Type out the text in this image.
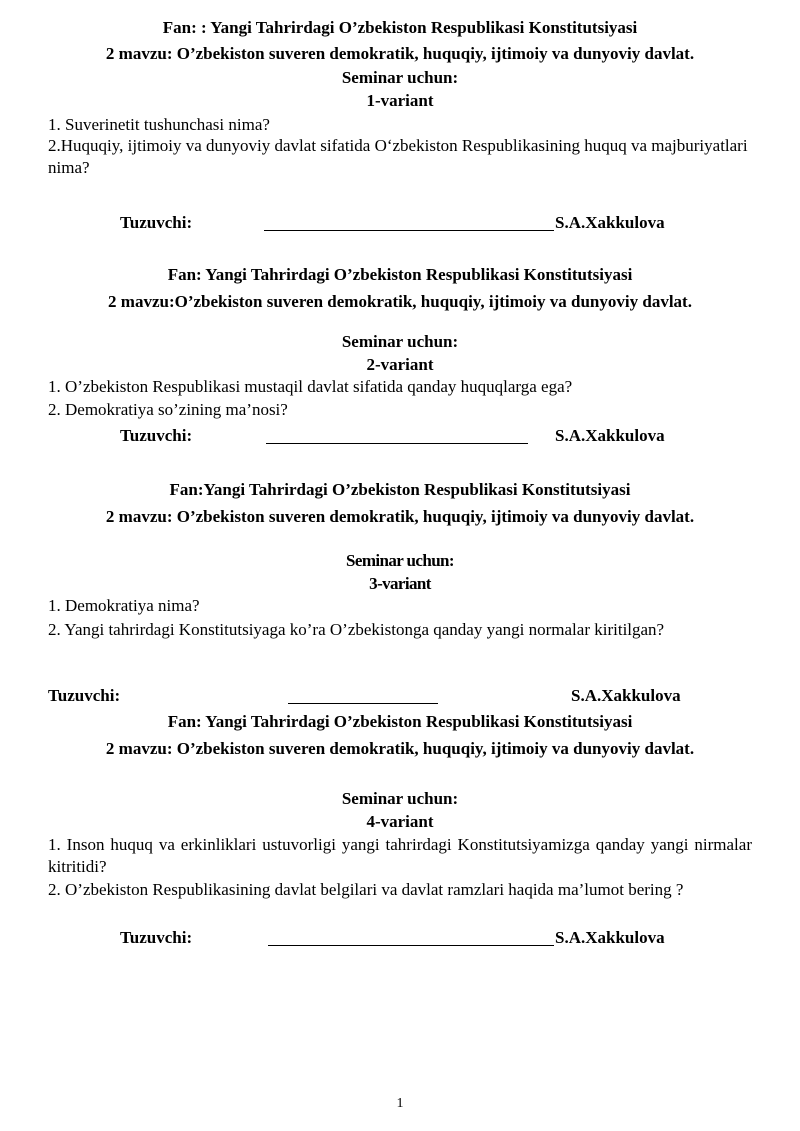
Fan: : Yangi Tahrirdagi O’zbekiston Respublikasi Konstitutsiyasi
2 mavzu: O’zbekiston suveren demokratik, huquqiy, ijtimoiy va dunyoviy davlat.
Seminar uchun:
1-variant
1. Suverinetit tushunchasi nima?
2.Huquqiy, ijtimoiy va dunyoviy davlat sifatida O‘zbekiston Respublikasining huquq va majburiyatlari nima?
Tuzuvchi:	S.A.Xakkulova
Fan: Yangi Tahrirdagi O’zbekiston Respublikasi Konstitutsiyasi
2 mavzu:O’zbekiston suveren demokratik, huquqiy, ijtimoiy va dunyoviy davlat.
Seminar uchun:
2-variant
1. O’zbekiston Respublikasi mustaqil davlat sifatida qanday huquqlarga ega?
2. Demokratiya so’zining ma’nosi?
Tuzuvchi:	S.A.Xakkulova
Fan:Yangi Tahrirdagi O’zbekiston Respublikasi Konstitutsiyasi
2 mavzu: O’zbekiston suveren demokratik, huquqiy, ijtimoiy va dunyoviy davlat.
Seminar uchun:
3-variant
1. Demokratiya nima?
2. Yangi tahrirdagi Konstitutsiyaga ko’ra O’zbekistonga qanday yangi normalar kiritilgan?
Tuzuvchi:	S.A.Xakkulova
Fan: Yangi Tahrirdagi O’zbekiston Respublikasi Konstitutsiyasi
2 mavzu: O’zbekiston suveren demokratik, huquqiy, ijtimoiy va dunyoviy davlat.
Seminar uchun:
4-variant
1. Inson huquq va erkinliklari ustuvorligi yangi tahrirdagi Konstitutsiyamizga qanday yangi nirmalar kitritidi?
2. O’zbekiston Respublikasining davlat belgilari va davlat ramzlari haqida ma’lumot bering ?
Tuzuvchi:	S.A.Xakkulova
1
